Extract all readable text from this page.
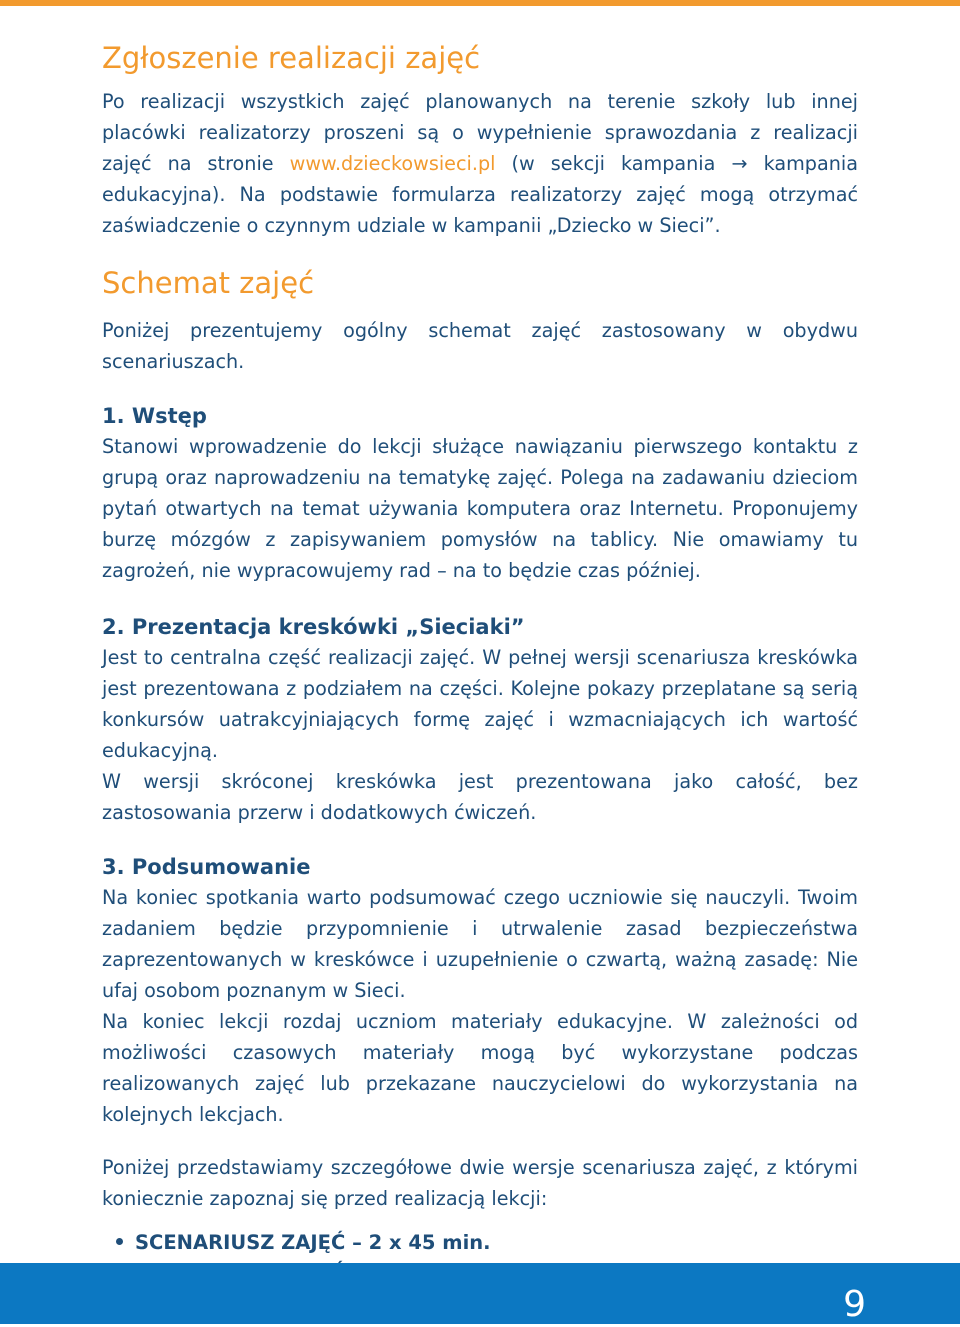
Zgłoszenie realizacji zajęć

Po realizacji wszystkich zajęć planowanych na terenie szkoły lub innej placówki realizatorzy proszeni są o wypełnienie sprawozdania z realizacji zajęć na stronie www.dzieckowsieci.pl (w sekcji kampania → kampania edukacyjna). Na podstawie formularza realizatorzy zajęć mogą otrzymać zaświadczenie o czynnym udziale w kampanii „Dziecko w Sieci”.

Schemat zajęć

Poniżej prezentujemy ogólny schemat zajęć zastosowany w obydwu scenariuszach.

1. Wstęp

Stanowi wprowadzenie do lekcji służące nawiązaniu pierwszego kontaktu z grupą oraz naprowadzeniu na tematykę zajęć. Polega na zadawaniu dzieciom pytań otwartych na temat używania komputera oraz Internetu. Proponujemy burzę mózgów z zapisywaniem pomysłów na tablicy. Nie omawiamy tu zagrożeń, nie wypracowujemy rad – na to będzie czas później.

2. Prezentacja kreskówki „Sieciaki”

Jest to centralna część realizacji zajęć. W pełnej wersji scenariusza kreskówka jest prezentowana z podziałem na części. Kolejne pokazy przeplatane są serią konkursów uatrakcyjniających formę zajęć i wzmacniających ich wartość edukacyjną.

W wersji skróconej kreskówka jest prezentowana jako całość, bez zastosowania przerw i dodatkowych ćwiczeń.

3. Podsumowanie

Na koniec spotkania warto podsumować czego uczniowie się nauczyli. Twoim zadaniem będzie przypomnienie i utrwalenie zasad bezpieczeństwa zaprezentowanych w kreskówce i uzupełnienie o czwartą, ważną zasadę: Nie ufaj osobom poznanym w Sieci.

Na koniec lekcji rozdaj uczniom materiały edukacyjne. W zależności od możliwości czasowych materiały mogą być wykorzystane podczas realizowanych zajęć lub przekazane nauczycielowi do wykorzystania na kolejnych lekcjach.

Poniżej przedstawiamy szczegółowe dwie wersje scenariusza zajęć, z którymi koniecznie zapoznaj się przed realizacją lekcji:

SCENARIUSZ ZAJĘĆ – 2 x 45 min.
9
